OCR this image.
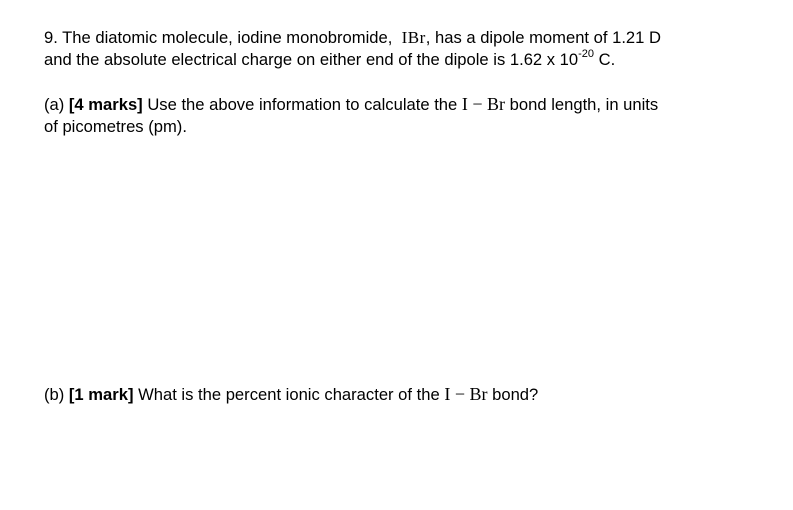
9. The diatomic molecule, iodine monobromide, IBr, has a dipole moment of 1.21 D
and the absolute electrical charge on either end of the dipole is 1.62 x $10^{-20}$ C.

(a) [4 marks] Use the above information to calculate the I − Br bond length, in units
of picometres (pm).

(b) [1 mark] What is the percent ionic character of the I − Br bond?
